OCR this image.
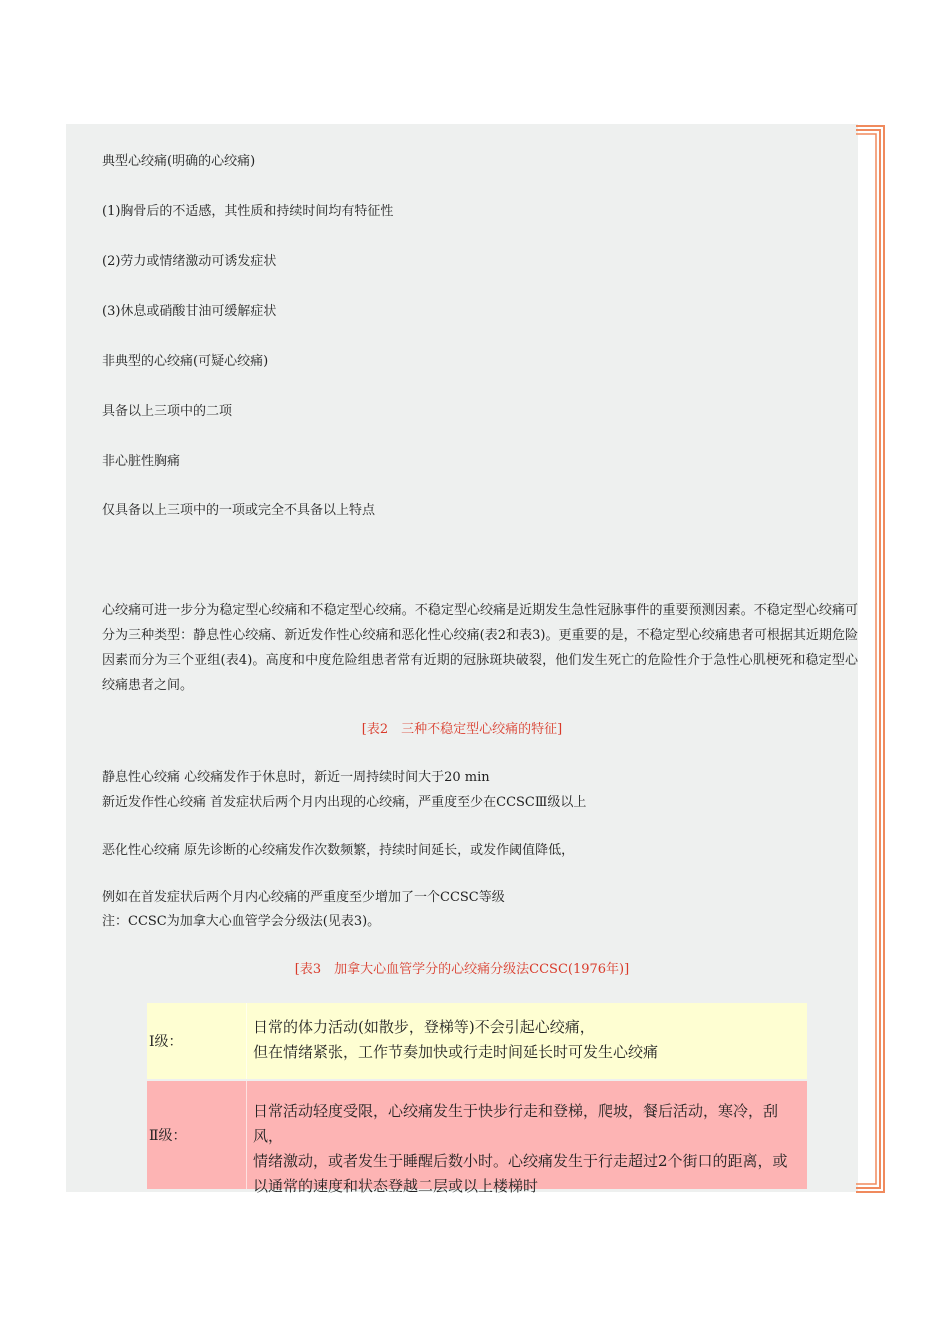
典型心绞痛(明确的心绞痛)
(1)胸骨后的不适感，其性质和持续时间均有特征性
(2)劳力或情绪激动可诱发症状
(3)休息或硝酸甘油可缓解症状
非典型的心绞痛(可疑心绞痛)
具备以上三项中的二项
非心脏性胸痛
仅具备以上三项中的一项或完全不具备以上特点
心绞痛可进一步分为稳定型心绞痛和不稳定型心绞痛。不稳定型心绞痛是近期发生急性冠脉事件的重要预测因素。不稳定型心绞痛可分为三种类型：静息性心绞痛、新近发作性心绞痛和恶化性心绞痛(表2和表3)。更重要的是，不稳定型心绞痛患者可根据其近期危险因素而分为三个亚组(表4)。高度和中度危险组患者常有近期的冠脉斑块破裂，他们发生死亡的危险性介于急性心肌梗死和稳定型心绞痛患者之间。
[表2　三种不稳定型心绞痛的特征]
静息性心绞痛 心绞痛发作于休息时，新近一周持续时间大于20 min
新近发作性心绞痛 首发症状后两个月内出现的心绞痛，严重度至少在CCSCⅢ级以上
恶化性心绞痛 原先诊断的心绞痛发作次数频繁，持续时间延长，或发作阈值降低，
例如在首发症状后两个月内心绞痛的严重度至少增加了一个CCSC等级
注：CCSC为加拿大心血管学会分级法(见表3)。
[表3　加拿大心血管学分的心绞痛分级法CCSC(1976年)]
Ⅰ级：
日常的体力活动(如散步，登梯等)不会引起心绞痛，
但在情绪紧张，工作节奏加快或行走时间延长时可发生心绞痛
Ⅱ级：
日常活动轻度受限，心绞痛发生于快步行走和登梯，爬坡，餐后活动，寒冷，刮风，
情绪激动，或者发生于睡醒后数小时。心绞痛发生于行走超过2个街口的距离，或
以通常的速度和状态登越二层或以上楼梯时
